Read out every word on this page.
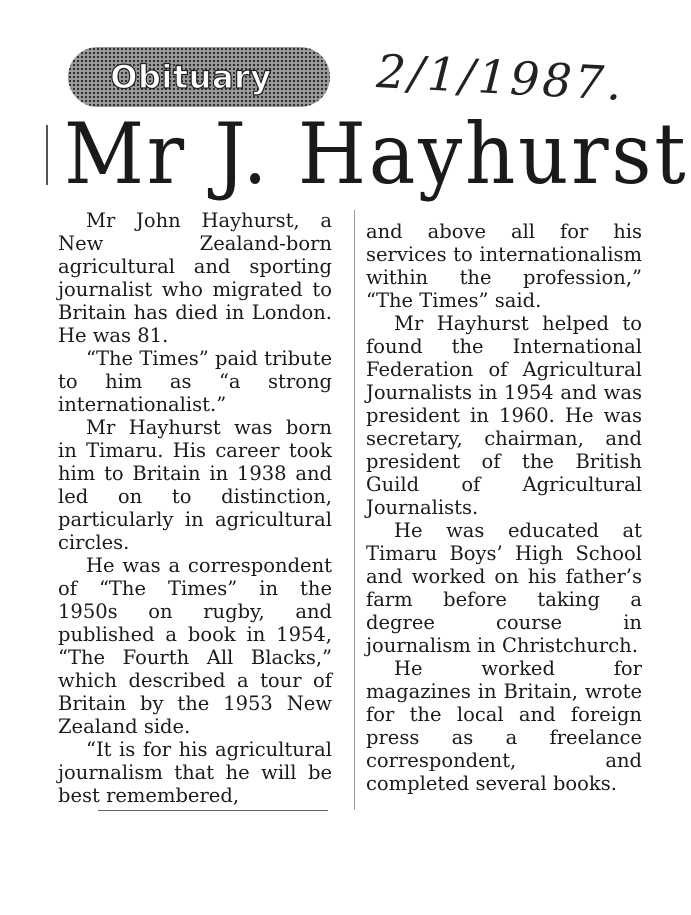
Obituary 2/1/1987.
Mr J. Hayhurst

Mr John Hayhurst, a New Zealand-born agricultural and sporting journalist who migrated to Britain has died in London. He was 81.

“The Times” paid tribute to him as “a strong internationalist.”

Mr Hayhurst was born in Timaru. His career took him to Britain in 1938 and led on to distinction, particularly in agricultural circles.

He was a correspondent of “The Times” in the 1950s on rugby, and published a book in 1954, “The Fourth All Blacks,” which described a tour of Britain by the 1953 New Zealand side.

“It is for his agricultural journalism that he will be best remembered,

and above all for his services to internationalism within the profession,” “The Times” said.

Mr Hayhurst helped to found the International Federation of Agricultural Journalists in 1954 and was president in 1960. He was secretary, chairman, and president of the British Guild of Agricultural Journalists.

He was educated at Timaru Boys’ High School and worked on his father’s farm before taking a degree course in journalism in Christchurch.

He worked for magazines in Britain, wrote for the local and foreign press as a freelance correspondent, and completed several books.
